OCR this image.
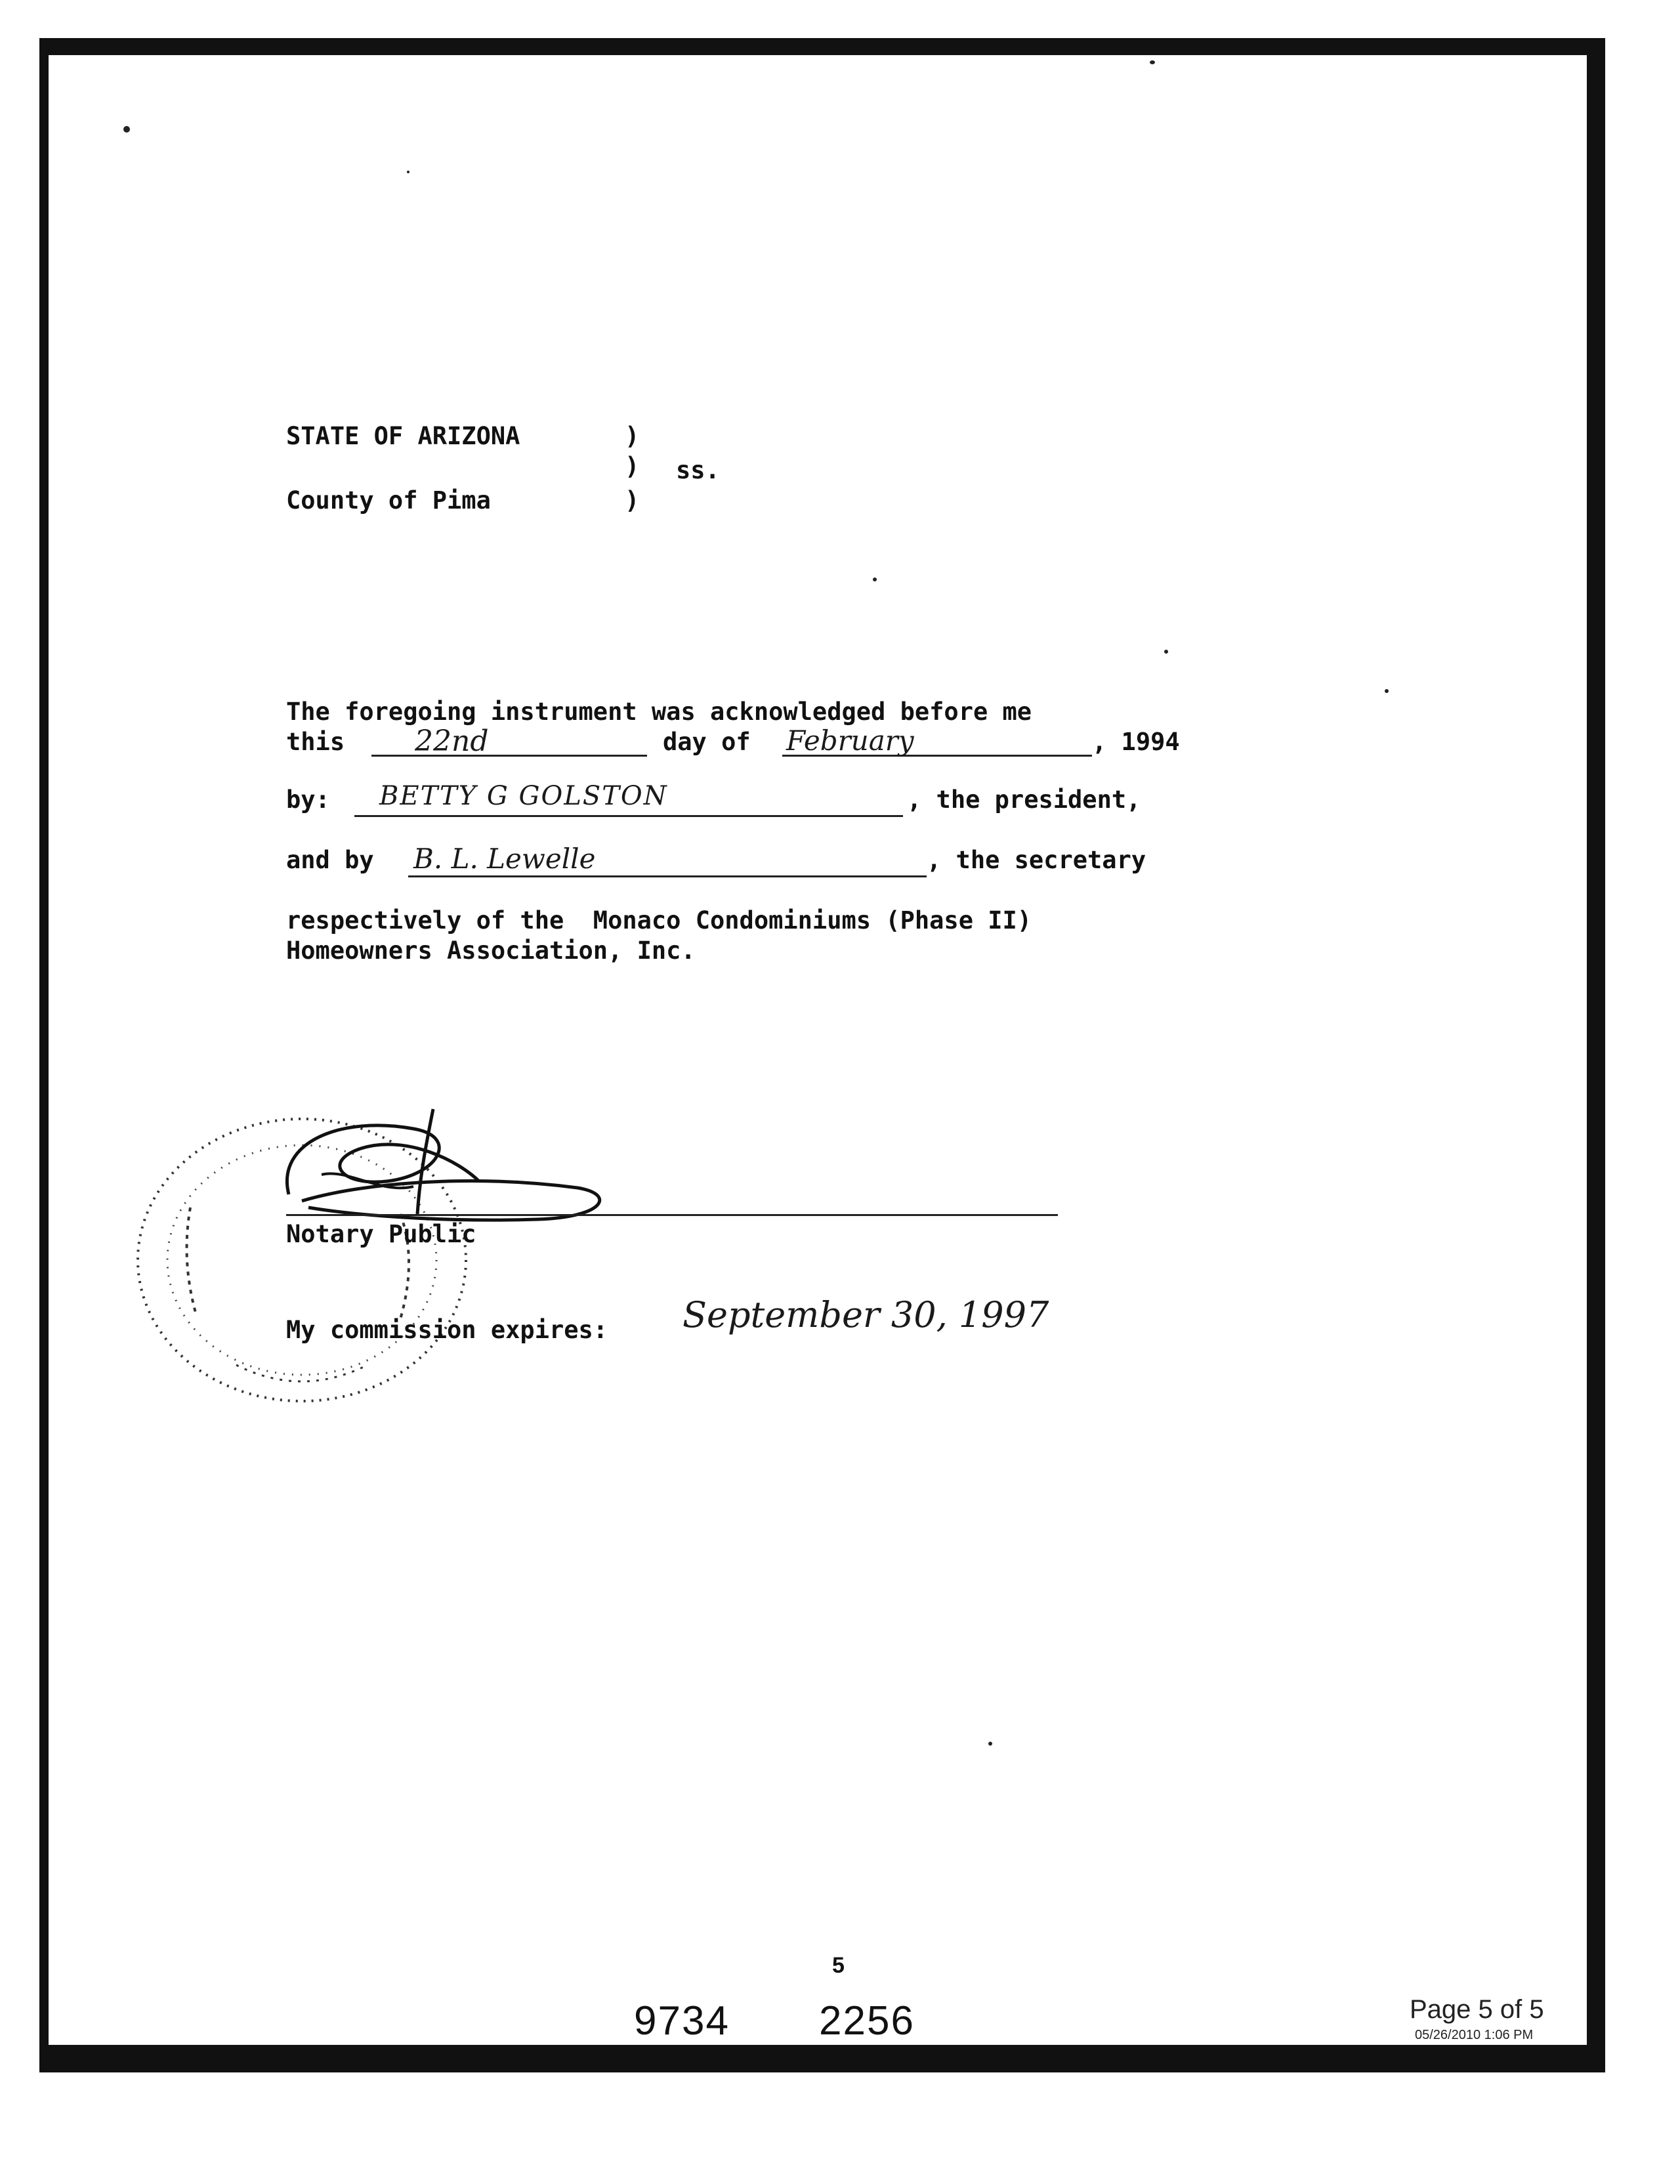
STATE OF ARIZONA	)
) ss.
County of Pima	)
The foregoing instrument was acknowledged before me
this 22nd	day of February	, 1994
by: BETTY G GOLSTON	, the president,
and by B. L. Lewelle	, the secretary
respectively of the  Monaco Condominiums (Phase II)
Homeowners Association, Inc.
Notary Public
My commission expires: September 30, 1997
5
9734 2256	Page 5 of 5
05/26/2010 1:06 PM
